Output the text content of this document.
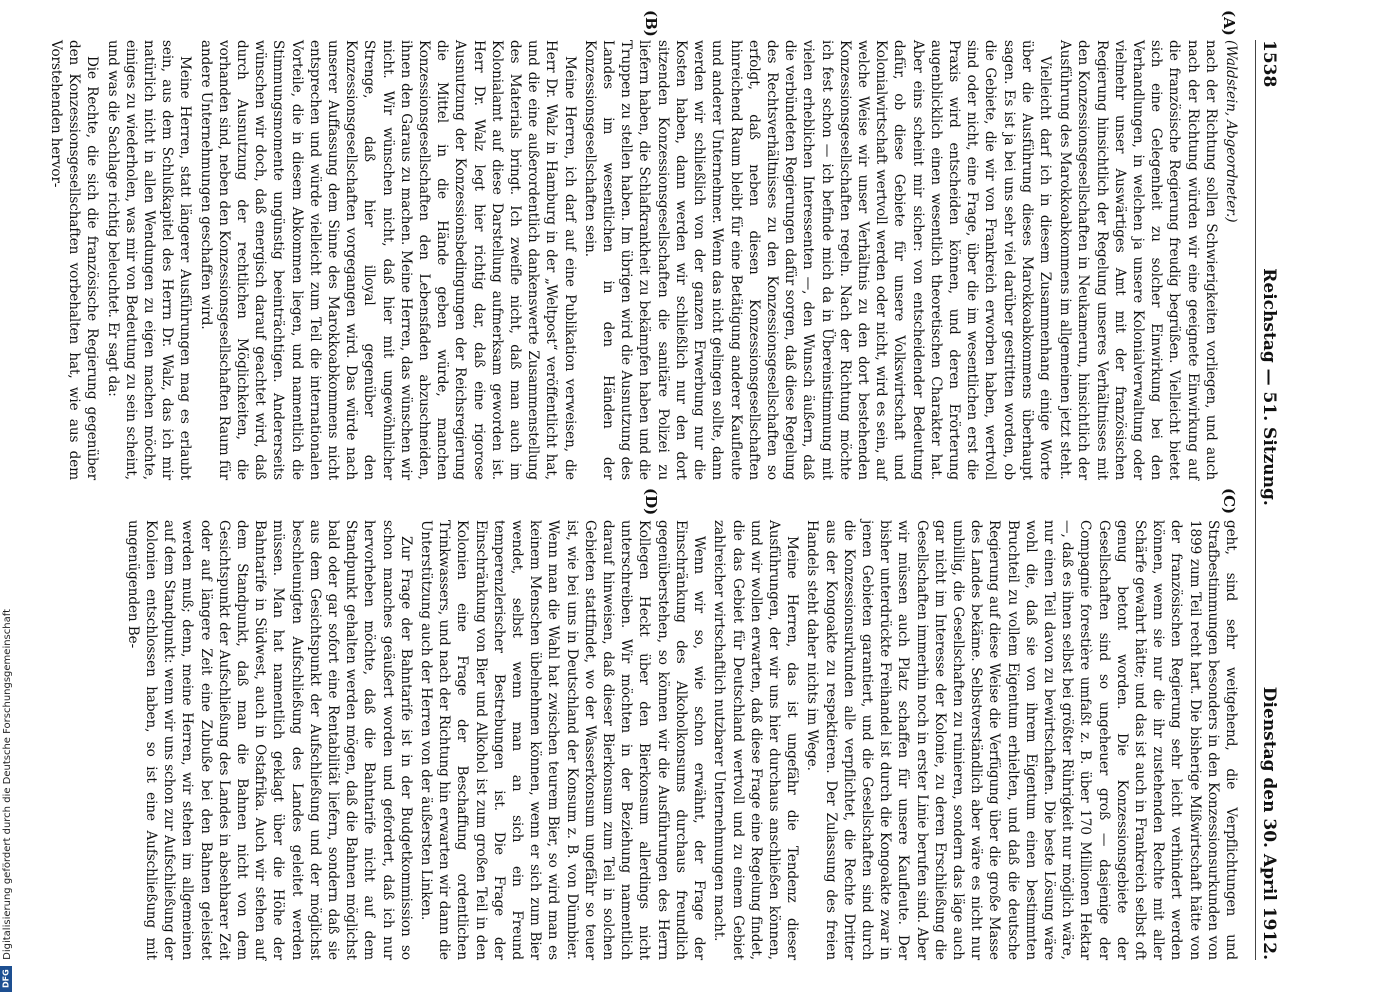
1538
Reichstag — 51. Sitzung.
Dienstag den 30. April 1912.
(A)
(B)
(C)
(D)

(Waldstein, Abgeordneter.)

nach der Richtung sollen Schwierigkeiten vorliegen, und auch nach der Richtung würden wir eine geeignete Einwirkung auf die französische Regierung freudig begrüßen. Vielleicht bietet sich eine Gelegenheit zu solcher Einwirkung bei den Verhandlungen, in welchen ja unsere Kolonialverwaltung oder vielmehr unser Auswärtiges Amt mit der französischen Regierung hinsichtlich der Regelung unseres Verhältnisses mit den Konzessionsgesellschaften in Neukamerun, hinsichtlich der Ausführung des Marokkoabkommens im allgemeinen jetzt steht.

Vielleicht darf ich in diesem Zusammenhang einige Worte über die Ausführung dieses Marokkoabkommens überhaupt sagen. Es ist ja bei uns sehr viel darüber gestritten worden, ob die Gebiete, die wir von Frankreich erworben haben, wertvoll sind oder nicht, eine Frage, über die im wesentlichen erst die Praxis wird entscheiden können, und deren Erörterung augenblicklich einen wesentlich theoretischen Charakter hat. Aber eins scheint mir sicher: von entscheidender Bedeutung dafür, ob diese Gebiete für unsere Volkswirtschaft und Kolonialwirtschaft wertvoll werden oder nicht, wird es sein, auf welche Weise wir unser Verhältnis zu den dort bestehenden Konzessionsgesellschaften regeln. Nach der Richtung möchte ich fest schon — ich befinde mich da in Übereinstimmung mit vielen erheblichen Interessenten —, den Wunsch äußern, daß die verbündeten Regierungen dafür sorgen, daß diese Regelung des Rechtsverhältnisses zu den Konzessionsgesellschaften so erfolgt, daß neben diesen Konzessionsgesellschaften hinreichend Raum bleibt für eine Betätigung anderer Kaufleute und anderer Unternehmer. Wenn das nicht gelingen sollte, dann werden wir schließlich von der ganzen Erwerbung nur die Kosten haben, dann werden wir schließlich nur den dort sitzenden Konzessionsgesellschaften die sanitäre Polizei zu liefern haben, die Schlafkrankheit zu bekämpfen haben und die Truppen zu stellen haben. Im übrigen wird die Ausnutzung des Landes im wesentlichen in den Händen der Konzessionsgesellschaften sein.

Meine Herren, ich darf auf eine Publikation verweisen, die Herr Dr. Walz in Hamburg in der „Weltpost“ veröffentlicht hat, und die eine außerordentlich dankenswerte Zusammenstellung des Materials bringt. Ich zweifle nicht, daß man auch im Kolonialamt auf diese Darstellung aufmerksam geworden ist. Herr Dr. Walz legt hier richtig dar, daß eine rigorose Ausnutzung der Konzessionsbedingungen der Reichsregierung die Mittel in die Hände geben würde, manchen Konzessionsgesellschaften den Lebensfaden abzuschneiden, ihnen den Garaus zu machen. Meine Herren, das wünschen wir nicht. Wir wünschen nicht, daß hier mit ungewöhnlicher Strenge, daß hier illoyal gegenüber den Konzessionsgesellschaften vorgegangen wird. Das würde nach unserer Auffassung dem Sinne des Marokkoabkommens nicht entsprechen und würde vielleicht zum Teil die internationalen Vorteile, die in diesem Abkommen liegen, und namentlich die Stimmungsmomente ungünstig beeinträchtigen. Andererseits wünschen wir doch, daß energisch darauf geachtet wird, daß durch Ausnutzung der rechtlichen Möglichkeiten, die vorhanden sind, neben den Konzessionsgesellschaften Raum für andere Unternehmungen geschaffen wird.

Meine Herren, statt längerer Ausführungen mag es erlaubt sein, aus dem Schlußkapitel des Herrn Dr. Walz, das ich mir natürlich nicht in allen Wendungen zu eigen machen möchte, einiges zu wiederholen, was mir von Bedeutung zu sein scheint, und was die Sachlage richtig beleuchtet. Er sagt da:

Die Rechte, die sich die französische Regierung gegenüber den Konzessionsgesellschaften vorbehalten hat, wie aus dem Vorstehenden hervor-

geht, sind sehr weitgehend, die Verpflichtungen und Strafbestimmungen besonders in den Konzessionsurkunden von 1899 zum Teil recht hart. Die bisherige Mißwirtschaft hätte von der französischen Regierung sehr leicht verhindert werden können, wenn sie nur die ihr zustehenden Rechte mit aller Schärfe gewahrt hätte; und das ist auch in Frankreich selbst oft genug betont worden. Die Konzessionsgebiete der Gesellschaften sind so ungeheuer groß — dasjenige der Compagnie forestière umfaßt z. B. über 170 Millionen Hektar —, daß es ihnen selbst bei größter Rührigkeit nur möglich wäre, nur einen Teil davon zu bewirtschaften. Die beste Lösung wäre wohl die, daß sie von ihrem Eigentum einen bestimmten Bruchteil zu vollem Eigentum erhielten, und daß die deutsche Regierung auf diese Weise die Verfügung über die große Masse des Landes bekäme. Selbstverständlich aber wäre es nicht nur unbillig, die Gesellschaften zu ruinieren, sondern das läge auch gar nicht im Interesse der Kolonie, zu deren Erschließung die Gesellschaften immerhin noch in erster Linie berufen sind. Aber wir müssen auch Platz schaffen für unsere Kaufleute. Der bisher unterdrückte Freihandel ist durch die Kongoakte zwar in jenen Gebieten garantiert, und die Gesellschaften sind durch die Konzessionsurkunden alle verpflichtet, die Rechte Dritter aus der Kongoakte zu respektieren. Der Zulassung des freien Handels steht daher nichts im Wege.

Meine Herren, das ist ungefähr die Tendenz dieser Ausführungen, der wir uns hier durchaus anschließen können, und wir wollen erwarten, daß diese Frage eine Regelung findet, die das Gebiet für Deutschland wertvoll und zu einem Gebiet zahlreicher wirtschaftlich nutzbarer Unternehmungen macht.

Wenn wir so, wie schon erwähnt, der Frage der Einschränkung des Alkoholkonsums durchaus freundlich gegenüberstehen, so können wir die Ausführungen des Herrn Kollegen Heckt über den Bierkonsum allerdings nicht unterschreiben. Wir möchten in der Beziehung namentlich darauf hinweisen, daß dieser Bierkonsum zum Teil in solchen Gebieten stattfindet, wo der Wasserkonsum ungefähr so teuer ist, wie bei uns in Deutschland der Konsum z. B. von Dünnbier. Wenn man die Wahl hat zwischen teurem Bier, so wird man es keinem Menschen übelnehmen können, wenn er sich zum Bier wendet, selbst wenn man an sich ein Freund temperenzlerischer Bestrebungen ist. Die Frage der Einschränkung von Bier und Alkohol ist zum großen Teil in den Kolonien eine Frage der Beschaffung ordentlichen Trinkwassers, und nach der Richtung hin erwarten wir dann die Unterstützung auch der Herren von der äußersten Linken.

Zur Frage der Bahntarife ist in der Budgetkommission so schon manches geäußert worden und gefordert, daß ich nur hervorheben möchte, daß die Bahntarife nicht auf dem Standpunkt gehalten werden mögen, daß die Bahnen möglichst bald oder gar sofort eine Rentabilität liefern, sondern daß sie aus dem Gesichtspunkt der Aufschließung und der möglichst beschleunigten Aufschließung des Landes geleitet werden müssen. Man hat namentlich geklagt über die Höhe der Bahntarife in Südwest, auch in Ostafrika. Auch wir stehen auf dem Standpunkt, daß man die Bahnen nicht von dem Gesichtspunkt der Aufschließung des Landes in absehbarer Zeit oder auf längere Zeit eine Zubuße bei den Bahnen geleistet werden muß; denn, meine Herren, wir stehen im allgemeinen auf dem Standpunkt: wenn wir uns schon zur Aufschließung der Kolonien entschlossen haben, so ist eine Aufschließung mit ungenügenden Be-

Digitalisierung gefördert durch die Deutsche Forschungsgemeinschaft
DFG
